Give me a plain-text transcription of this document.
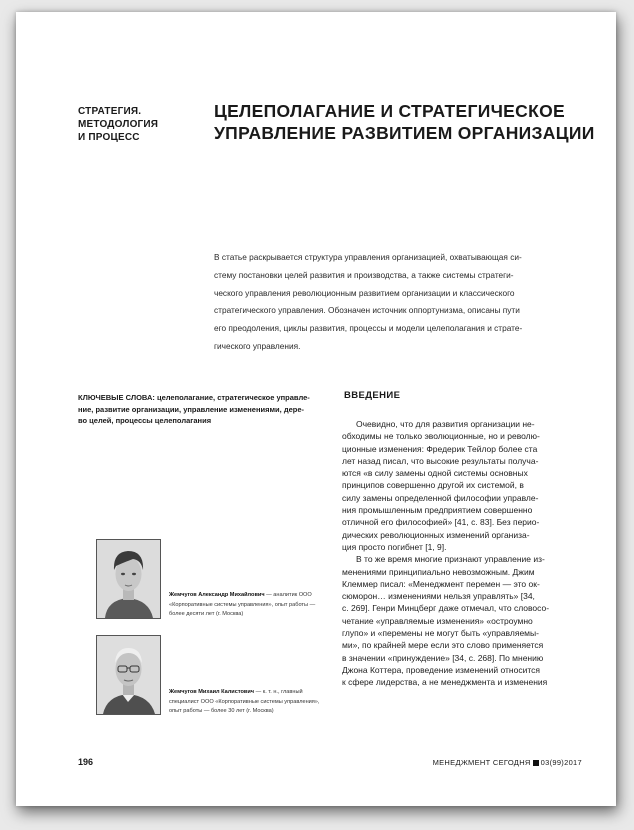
СТРАТЕГИЯ.
МЕТОДОЛОГИЯ
И ПРОЦЕСС
ЦЕЛЕПОЛАГАНИЕ И СТРАТЕГИЧЕСКОЕ
УПРАВЛЕНИЕ РАЗВИТИЕМ ОРГАНИЗАЦИИ
В статье раскрывается структура управления организацией, охватывающая си-
стему постановки целей развития и производства, а также системы стратеги-
ческого управления революционным развитием организации и классического
стратегического управления. Обозначен источник оппортунизма, описаны пути
его преодоления, циклы развития, процессы и модели целеполагания и страте-
гического управления.
КЛЮЧЕВЫЕ СЛОВА: целеполагание, стратегическое управле-
ние, развитие организации, управление изменениями, дере-
во целей, процессы целеполагания
ВВЕДЕНИЕ
Очевидно, что для развития организации не-
обходимы не только эволюционные, но и револю-
ционные изменения: Фредерик Тейлор более ста
лет назад писал, что высокие результаты получа-
ются «в силу замены одной системы основных
принципов совершенно другой их системой, в
силу замены определенной философии управле-
ния промышленным предприятием совершенно
отличной его философией» [41, с. 83]. Без перио-
дических революционных изменений организа-
ция просто погибнет [1, 9].
В то же время многие признают управление из-
менениями принципиально невозможным. Джим
Клеммер писал: «Менеджмент перемен — это ок-
сюморон… изменениями нельзя управлять» [34,
с. 269]. Генри Минцберг даже отмечал, что словосо-
четание «управляемые изменения» «остроумно
глупо» и «перемены не могут быть «управляемы-
ми», по крайней мере если это слово применяется
в значении «принуждение» [34, с. 268]. По мнению
Джона Коттера, проведение изменений относится
к сфере лидерства, а не менеджмента и изменения
Жемчугов Александр Михайлович — аналитик ООО
«Корпоративные системы управления», опыт работы —
более десяти лет (г. Москва)
Жемчугов Михаил Калистович — к. т. н., главный
специалист ООО «Корпоративные системы управления»,
опыт работы — более 30 лет (г. Москва)
196	МЕНЕДЖМЕНТ СЕГОДНЯ 03(99)2017
